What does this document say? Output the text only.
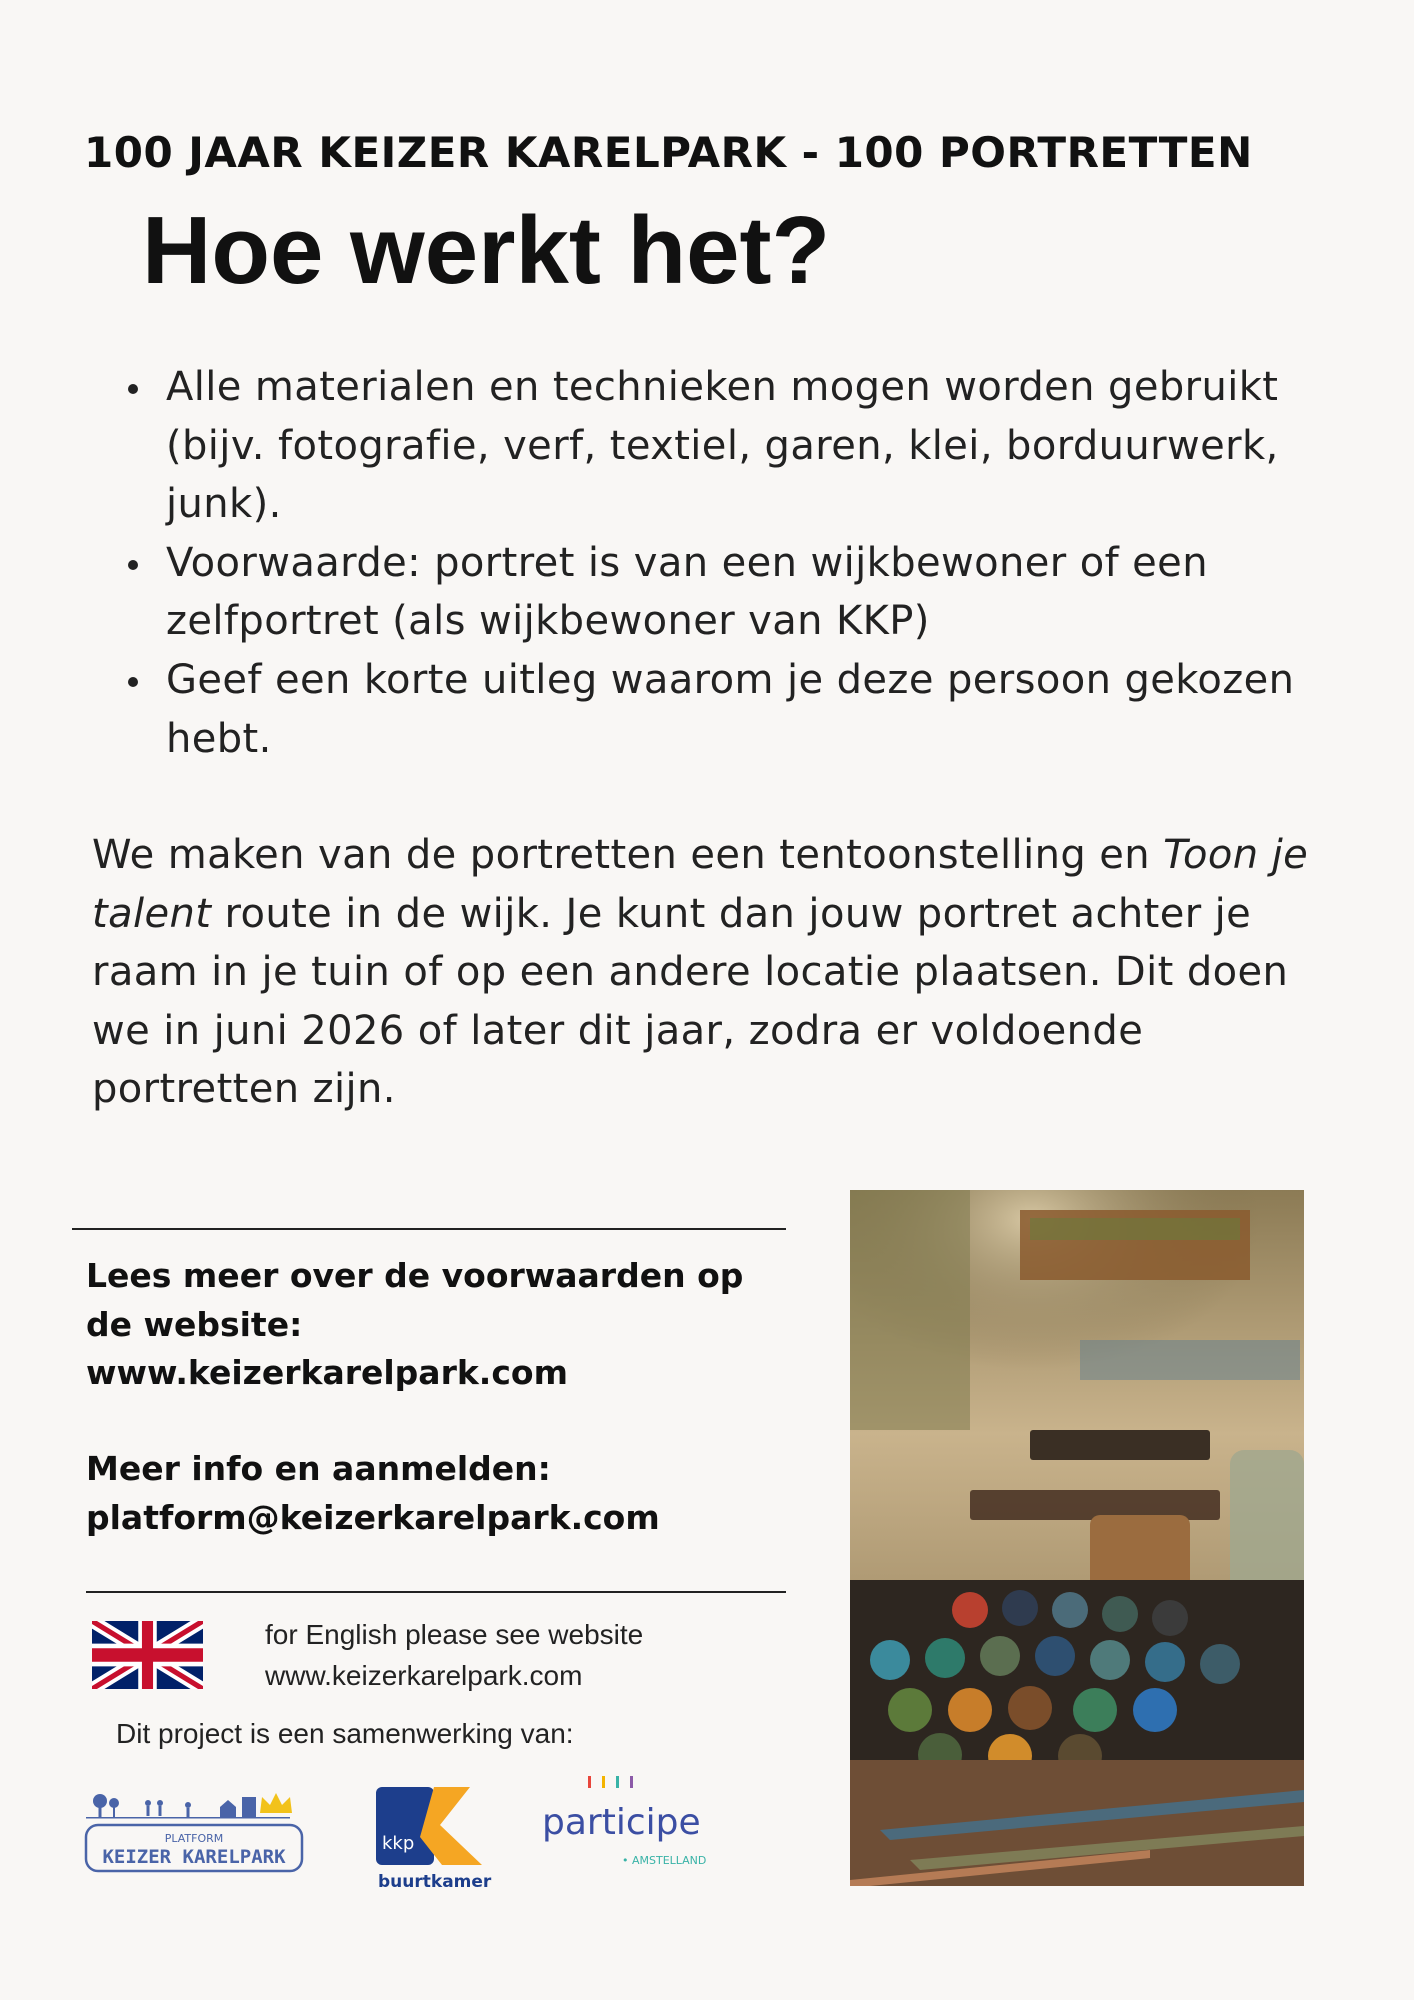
100 JAAR KEIZER KARELPARK - 100 PORTRETTEN
Hoe werkt het?
Alle materialen en technieken mogen worden gebruikt (bijv. fotografie, verf, textiel, garen, klei, borduurwerk, junk).
Voorwaarde: portret is van een wijkbewoner of een zelfportret (als wijkbewoner van KKP)
Geef een korte uitleg waarom je deze persoon gekozen hebt.
We maken van de portretten een tentoonstelling en Toon je talent route in de wijk. Je kunt dan jouw portret achter je raam in je tuin of op een andere locatie plaatsen. Dit doen we in juni 2026 of later dit jaar, zodra er voldoende portretten zijn.
Lees meer over de voorwaarden op
de website:
www.keizerkarelpark.com
Meer info en aanmelden:
platform@keizerkarelpark.com
for English please see website
www.keizerkarelpark.com
Dit project is een samenwerking van:
PLATFORM
KEIZER KARELPARK
kkp
buurtkamer
participe
• AMSTELLAND
